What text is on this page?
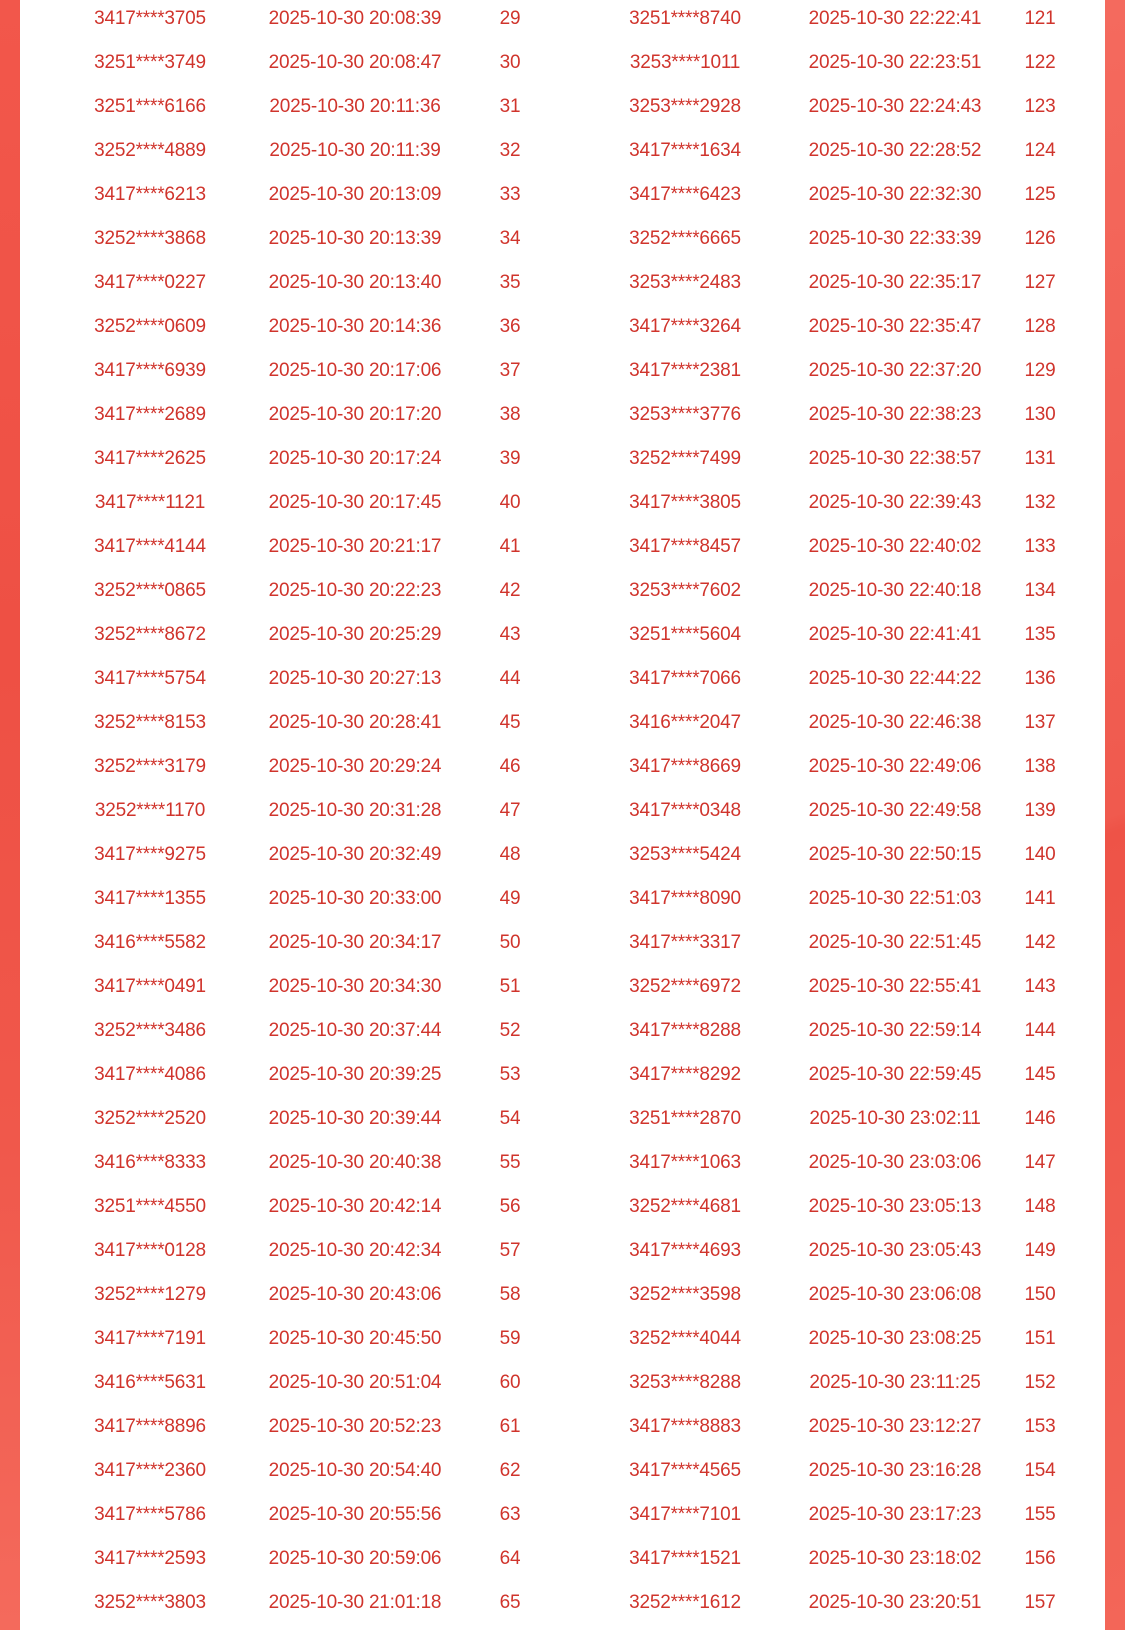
3417****3705	2025-10-30 20:08:39	29	3251****8740	2025-10-30 22:22:41	121
3251****3749	2025-10-30 20:08:47	30	3253****1011	2025-10-30 22:23:51	122
3251****6166	2025-10-30 20:11:36	31	3253****2928	2025-10-30 22:24:43	123
3252****4889	2025-10-30 20:11:39	32	3417****1634	2025-10-30 22:28:52	124
3417****6213	2025-10-30 20:13:09	33	3417****6423	2025-10-30 22:32:30	125
3252****3868	2025-10-30 20:13:39	34	3252****6665	2025-10-30 22:33:39	126
3417****0227	2025-10-30 20:13:40	35	3253****2483	2025-10-30 22:35:17	127
3252****0609	2025-10-30 20:14:36	36	3417****3264	2025-10-30 22:35:47	128
3417****6939	2025-10-30 20:17:06	37	3417****2381	2025-10-30 22:37:20	129
3417****2689	2025-10-30 20:17:20	38	3253****3776	2025-10-30 22:38:23	130
3417****2625	2025-10-30 20:17:24	39	3252****7499	2025-10-30 22:38:57	131
3417****1121	2025-10-30 20:17:45	40	3417****3805	2025-10-30 22:39:43	132
3417****4144	2025-10-30 20:21:17	41	3417****8457	2025-10-30 22:40:02	133
3252****0865	2025-10-30 20:22:23	42	3253****7602	2025-10-30 22:40:18	134
3252****8672	2025-10-30 20:25:29	43	3251****5604	2025-10-30 22:41:41	135
3417****5754	2025-10-30 20:27:13	44	3417****7066	2025-10-30 22:44:22	136
3252****8153	2025-10-30 20:28:41	45	3416****2047	2025-10-30 22:46:38	137
3252****3179	2025-10-30 20:29:24	46	3417****8669	2025-10-30 22:49:06	138
3252****1170	2025-10-30 20:31:28	47	3417****0348	2025-10-30 22:49:58	139
3417****9275	2025-10-30 20:32:49	48	3253****5424	2025-10-30 22:50:15	140
3417****1355	2025-10-30 20:33:00	49	3417****8090	2025-10-30 22:51:03	141
3416****5582	2025-10-30 20:34:17	50	3417****3317	2025-10-30 22:51:45	142
3417****0491	2025-10-30 20:34:30	51	3252****6972	2025-10-30 22:55:41	143
3252****3486	2025-10-30 20:37:44	52	3417****8288	2025-10-30 22:59:14	144
3417****4086	2025-10-30 20:39:25	53	3417****8292	2025-10-30 22:59:45	145
3252****2520	2025-10-30 20:39:44	54	3251****2870	2025-10-30 23:02:11	146
3416****8333	2025-10-30 20:40:38	55	3417****1063	2025-10-30 23:03:06	147
3251****4550	2025-10-30 20:42:14	56	3252****4681	2025-10-30 23:05:13	148
3417****0128	2025-10-30 20:42:34	57	3417****4693	2025-10-30 23:05:43	149
3252****1279	2025-10-30 20:43:06	58	3252****3598	2025-10-30 23:06:08	150
3417****7191	2025-10-30 20:45:50	59	3252****4044	2025-10-30 23:08:25	151
3416****5631	2025-10-30 20:51:04	60	3253****8288	2025-10-30 23:11:25	152
3417****8896	2025-10-30 20:52:23	61	3417****8883	2025-10-30 23:12:27	153
3417****2360	2025-10-30 20:54:40	62	3417****4565	2025-10-30 23:16:28	154
3417****5786	2025-10-30 20:55:56	63	3417****7101	2025-10-30 23:17:23	155
3417****2593	2025-10-30 20:59:06	64	3417****1521	2025-10-30 23:18:02	156
3252****3803	2025-10-30 21:01:18	65	3252****1612	2025-10-30 23:20:51	157
